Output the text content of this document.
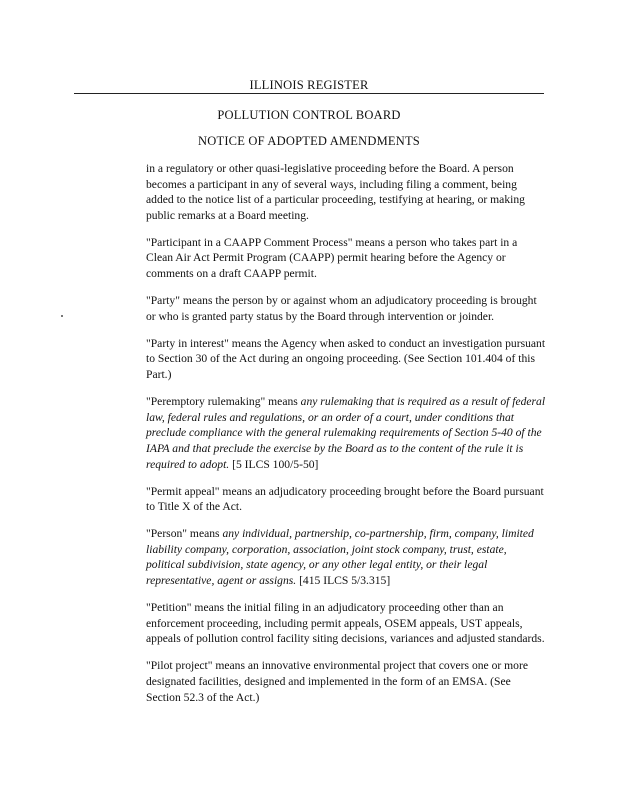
ILLINOIS REGISTER
POLLUTION CONTROL BOARD
NOTICE OF ADOPTED AMENDMENTS

in a regulatory or other quasi-legislative proceeding before the Board. A person becomes a participant in any of several ways, including filing a comment, being added to the notice list of a particular proceeding, testifying at hearing, or making public remarks at a Board meeting.

"Participant in a CAAPP Comment Process" means a person who takes part in a Clean Air Act Permit Program (CAAPP) permit hearing before the Agency or comments on a draft CAAPP permit.

"Party" means the person by or against whom an adjudicatory proceeding is brought or who is granted party status by the Board through intervention or joinder.

"Party in interest" means the Agency when asked to conduct an investigation pursuant to Section 30 of the Act during an ongoing proceeding. (See Section 101.404 of this Part.)

"Peremptory rulemaking" means any rulemaking that is required as a result of federal law, federal rules and regulations, or an order of a court, under conditions that preclude compliance with the general rulemaking requirements of Section 5-40 of the IAPA and that preclude the exercise by the Board as to the content of the rule it is required to adopt. [5 ILCS 100/5-50]

"Permit appeal" means an adjudicatory proceeding brought before the Board pursuant to Title X of the Act.

"Person" means any individual, partnership, co-partnership, firm, company, limited liability company, corporation, association, joint stock company, trust, estate, political subdivision, state agency, or any other legal entity, or their legal representative, agent or assigns. [415 ILCS 5/3.315]

"Petition" means the initial filing in an adjudicatory proceeding other than an enforcement proceeding, including permit appeals, OSEM appeals, UST appeals, appeals of pollution control facility siting decisions, variances and adjusted standards.

"Pilot project" means an innovative environmental project that covers one or more designated facilities, designed and implemented in the form of an EMSA. (See Section 52.3 of the Act.)
